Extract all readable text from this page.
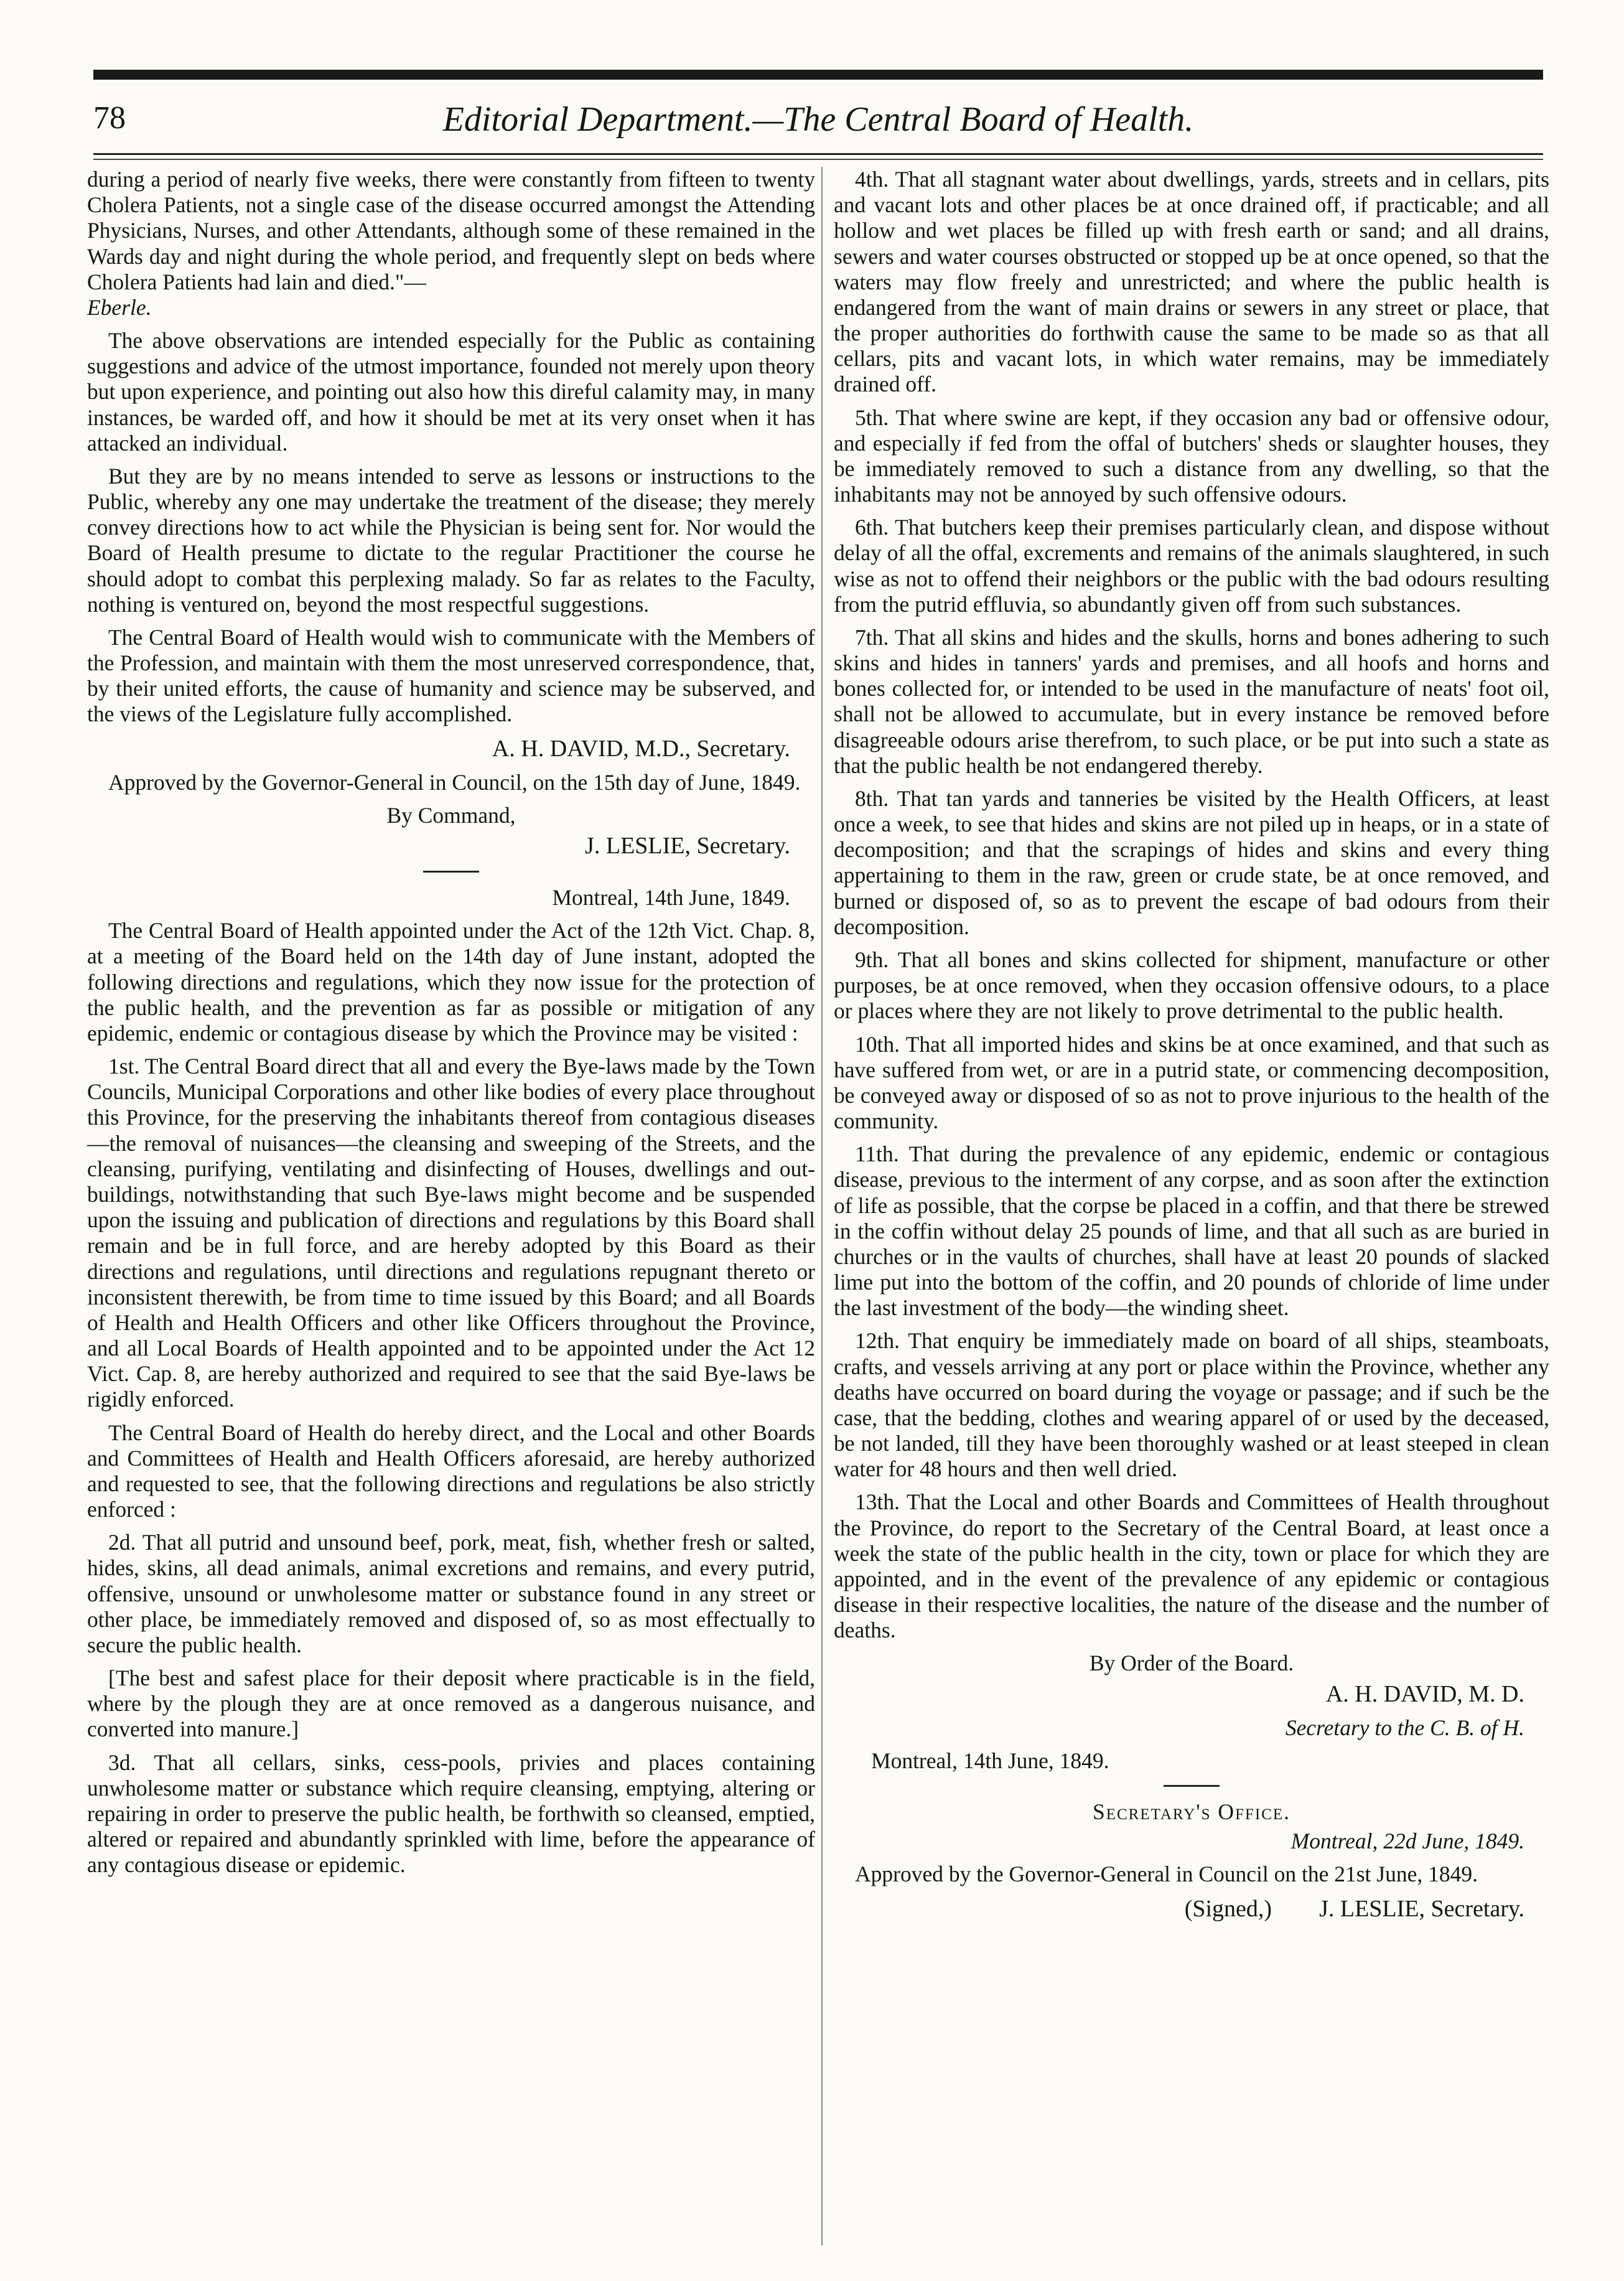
78	Editorial Department.—The Central Board of Health.

during a period of nearly five weeks, there were constantly from fifteen to twenty Cholera Patients, not a single case of the disease occurred amongst the Attending Physicians, Nurses, and other Attendants, although some of these remained in the Wards day and night during the whole period, and frequently slept on beds where Cholera Patients had lain and died."—
Eberle.

The above observations are intended especially for the Public as containing suggestions and advice of the utmost importance, founded not merely upon theory but upon experience, and pointing out also how this direful calamity may, in many instances, be warded off, and how it should be met at its very onset when it has attacked an individual.

But they are by no means intended to serve as lessons or instructions to the Public, whereby any one may undertake the treatment of the disease; they merely convey directions how to act while the Physician is being sent for. Nor would the Board of Health presume to dictate to the regular Practitioner the course he should adopt to combat this perplexing malady. So far as relates to the Faculty, nothing is ventured on, beyond the most respectful suggestions.

The Central Board of Health would wish to communicate with the Members of the Profession, and maintain with them the most unreserved correspondence, that, by their united efforts, the cause of humanity and science may be subserved, and the views of the Legislature fully accomplished.

A. H. DAVID, M.D., Secretary.

Approved by the Governor-General in Council, on the 15th day of June, 1849.

By Command,

J. LESLIE, Secretary.

Montreal, 14th June, 1849.

The Central Board of Health appointed under the Act of the 12th Vict. Chap. 8, at a meeting of the Board held on the 14th day of June instant, adopted the following directions and regulations, which they now issue for the protection of the public health, and the prevention as far as possible or mitigation of any epidemic, endemic or contagious disease by which the Province may be visited :

1st. The Central Board direct that all and every the Bye-laws made by the Town Councils, Municipal Corporations and other like bodies of every place throughout this Province, for the preserving the inhabitants thereof from contagious diseases—the removal of nuisances—the cleansing and sweeping of the Streets, and the cleansing, purifying, ventilating and disinfecting of Houses, dwellings and out-buildings, notwithstanding that such Bye-laws might become and be suspended upon the issuing and publication of directions and regulations by this Board shall remain and be in full force, and are hereby adopted by this Board as their directions and regulations, until directions and regulations repugnant thereto or inconsistent therewith, be from time to time issued by this Board; and all Boards of Health and Health Officers and other like Officers throughout the Province, and all Local Boards of Health appointed and to be appointed under the Act 12 Vict. Cap. 8, are hereby authorized and required to see that the said Bye-laws be rigidly enforced.

The Central Board of Health do hereby direct, and the Local and other Boards and Committees of Health and Health Officers aforesaid, are hereby authorized and requested to see, that the following directions and regulations be also strictly enforced :

2d. That all putrid and unsound beef, pork, meat, fish, whether fresh or salted, hides, skins, all dead animals, animal excretions and remains, and every putrid, offensive, unsound or unwholesome matter or substance found in any street or other place, be immediately removed and disposed of, so as most effectually to secure the public health.

[The best and safest place for their deposit where practicable is in the field, where by the plough they are at once removed as a dangerous nuisance, and converted into manure.]

3d. That all cellars, sinks, cess-pools, privies and places containing unwholesome matter or substance which require cleansing, emptying, altering or repairing in order to preserve the public health, be forthwith so cleansed, emptied, altered or repaired and abundantly sprinkled with lime, before the appearance of any contagious disease or epidemic.

4th. That all stagnant water about dwellings, yards, streets and in cellars, pits and vacant lots and other places be at once drained off, if practicable; and all hollow and wet places be filled up with fresh earth or sand; and all drains, sewers and water courses obstructed or stopped up be at once opened, so that the waters may flow freely and unrestricted; and where the public health is endangered from the want of main drains or sewers in any street or place, that the proper authorities do forthwith cause the same to be made so as that all cellars, pits and vacant lots, in which water remains, may be immediately drained off.

5th. That where swine are kept, if they occasion any bad or offensive odour, and especially if fed from the offal of butchers' sheds or slaughter houses, they be immediately removed to such a distance from any dwelling, so that the inhabitants may not be annoyed by such offensive odours.

6th. That butchers keep their premises particularly clean, and dispose without delay of all the offal, excrements and remains of the animals slaughtered, in such wise as not to offend their neighbors or the public with the bad odours resulting from the putrid effluvia, so abundantly given off from such substances.

7th. That all skins and hides and the skulls, horns and bones adhering to such skins and hides in tanners' yards and premises, and all hoofs and horns and bones collected for, or intended to be used in the manufacture of neats' foot oil, shall not be allowed to accumulate, but in every instance be removed before disagreeable odours arise therefrom, to such place, or be put into such a state as that the public health be not endangered thereby.

8th. That tan yards and tanneries be visited by the Health Officers, at least once a week, to see that hides and skins are not piled up in heaps, or in a state of decomposition; and that the scrapings of hides and skins and every thing appertaining to them in the raw, green or crude state, be at once removed, and burned or disposed of, so as to prevent the escape of bad odours from their decomposition.

9th. That all bones and skins collected for shipment, manufacture or other purposes, be at once removed, when they occasion offensive odours, to a place or places where they are not likely to prove detrimental to the public health.

10th. That all imported hides and skins be at once examined, and that such as have suffered from wet, or are in a putrid state, or commencing decomposition, be conveyed away or disposed of so as not to prove injurious to the health of the community.

11th. That during the prevalence of any epidemic, endemic or contagious disease, previous to the interment of any corpse, and as soon after the extinction of life as possible, that the corpse be placed in a coffin, and that there be strewed in the coffin without delay 25 pounds of lime, and that all such as are buried in churches or in the vaults of churches, shall have at least 20 pounds of slacked lime put into the bottom of the coffin, and 20 pounds of chloride of lime under the last investment of the body—the winding sheet.

12th. That enquiry be immediately made on board of all ships, steamboats, crafts, and vessels arriving at any port or place within the Province, whether any deaths have occurred on board during the voyage or passage; and if such be the case, that the bedding, clothes and wearing apparel of or used by the deceased, be not landed, till they have been thoroughly washed or at least steeped in clean water for 48 hours and then well dried.

13th. That the Local and other Boards and Committees of Health throughout the Province, do report to the Secretary of the Central Board, at least once a week the state of the public health in the city, town or place for which they are appointed, and in the event of the prevalence of any epidemic or contagious disease in their respective localities, the nature of the disease and the number of deaths.

By Order of the Board.

A. H. DAVID, M. D.

Secretary to the C. B. of H.

Montreal, 14th June, 1849.

Secretary's Office.

Montreal, 22d June, 1849.

Approved by the Governor-General in Council on the 21st June, 1849.

(Signed,) J. LESLIE, Secretary.
